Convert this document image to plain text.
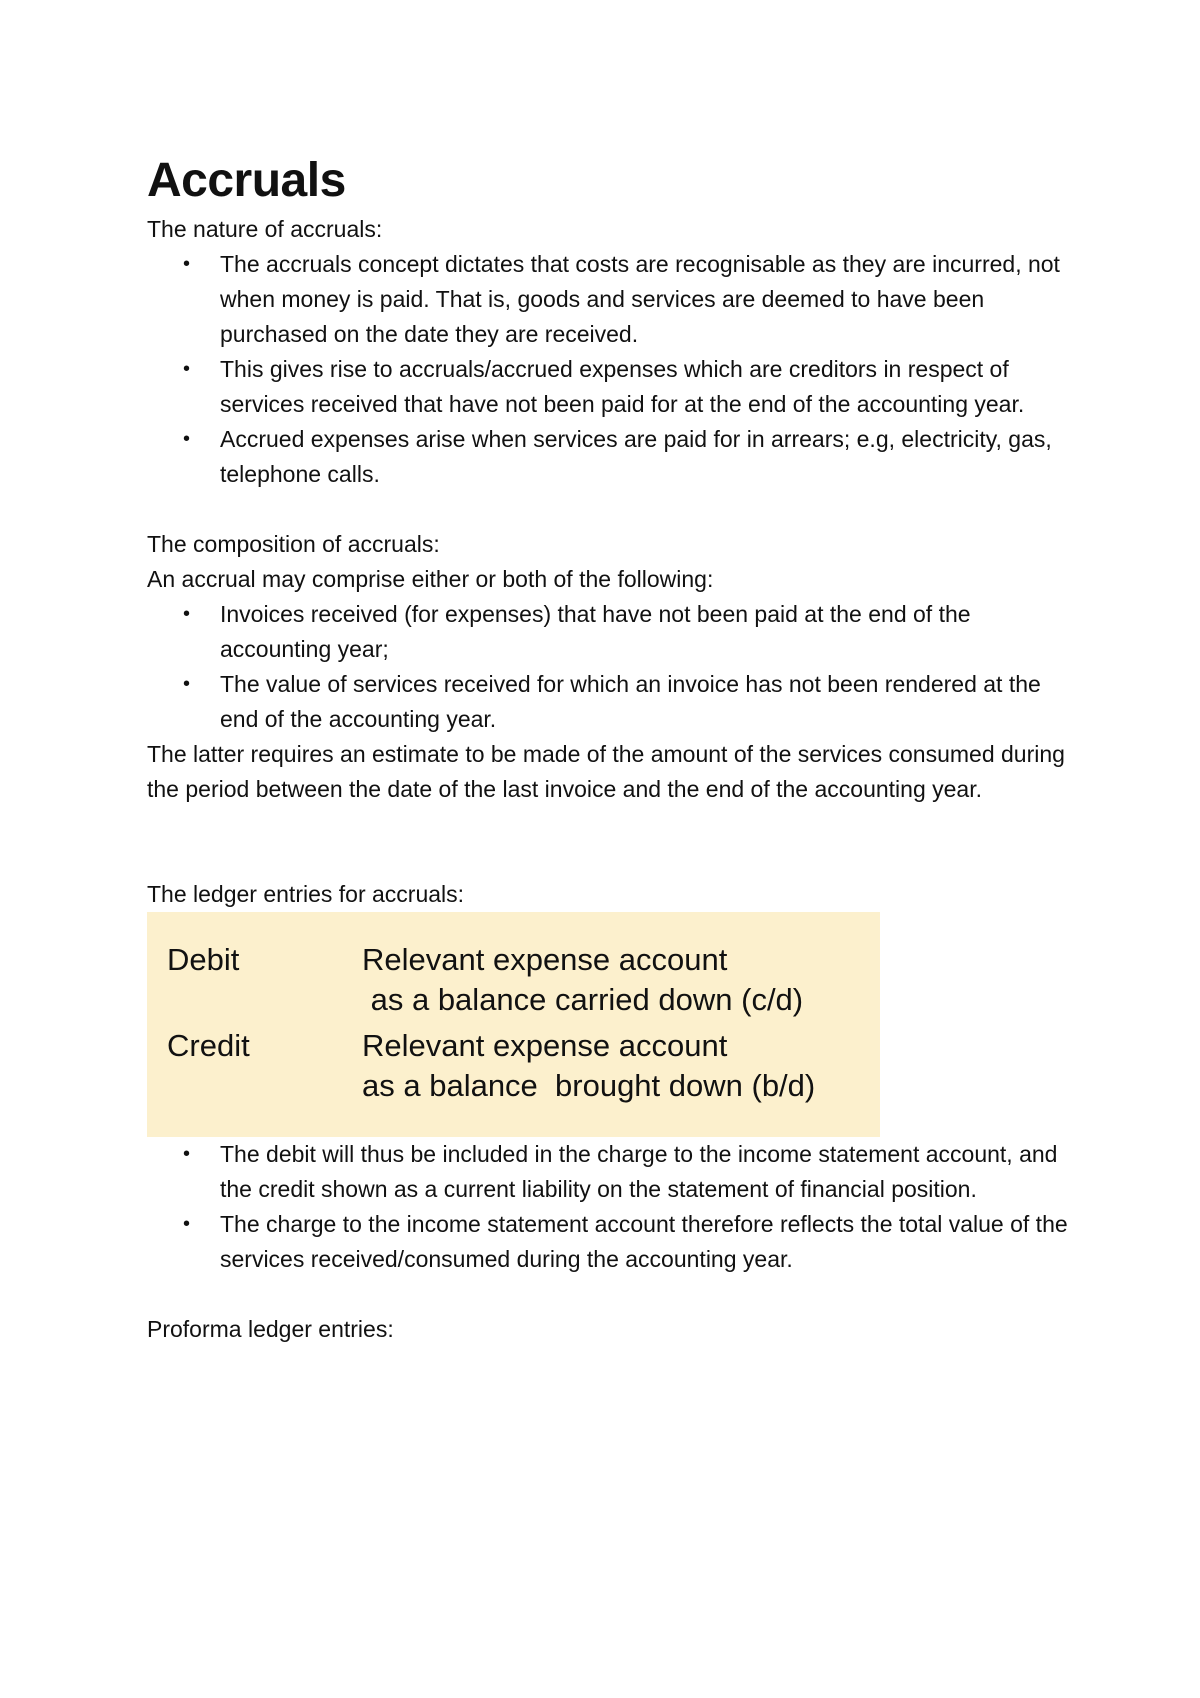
Accruals

The nature of accruals:

• The accruals concept dictates that costs are recognisable as they are incurred, not when money is paid. That is, goods and services are deemed to have been purchased on the date they are received.
• This gives rise to accruals/accrued expenses which are creditors in respect of services received that have not been paid for at the end of the accounting year.
• Accrued expenses arise when services are paid for in arrears; e.g, electricity, gas, telephone calls.

The composition of accruals:

An accrual may comprise either or both of the following:

• Invoices received (for expenses) that have not been paid at the end of the accounting year;
• The value of services received for which an invoice has not been rendered at the end of the accounting year.

The latter requires an estimate to be made of the amount of the services consumed during the period between the date of the last invoice and the end of the accounting year.

The ledger entries for accruals:

Debit	Relevant expense account
as a balance carried down (c/d)
Credit	Relevant expense account
as a balance  brought down (b/d)
• The debit will thus be included in the charge to the income statement account, and the credit shown as a current liability on the statement of financial position.
• The charge to the income statement account therefore reflects the total value of the services received/consumed during the accounting year.

Proforma ledger entries:
